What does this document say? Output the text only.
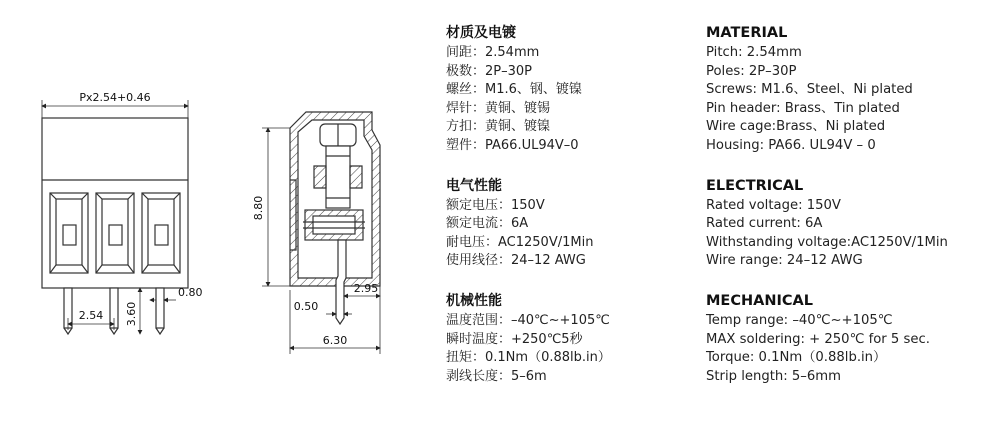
Px2.54+0.46
2.54 3.60
0.80
8.80
2.95
0.50
6.30
材质及电镀
间距：2.54mm
极数：2P–30P
螺丝：M1.6、钢、镀镍
焊针：黄铜、镀锡
方扣：黄铜、镀镍
塑件：PA66.UL94V–0
电气性能
额定电压：150V
额定电流：6A
耐电压：AC1250V/1Min
使用线径：24–12 AWG
机械性能
温度范围：–40℃~+105℃
瞬时温度：+250℃5秒
扭矩：0.1Nm（0.88lb.in）
剥线长度：5–6m
MATERIAL
Pitch: 2.54mm
Poles: 2P–30P
Screws: M1.6、Steel、Ni plated
Pin header: Brass、Tin plated
Wire cage:Brass、Ni plated
Housing: PA66. UL94V – 0
ELECTRICAL
Rated voltage: 150V
Rated current: 6A
Withstanding voltage:AC1250V/1Min
Wire range: 24–12 AWG
MECHANICAL
Temp range: –40℃~+105℃
MAX soldering: + 250℃ for 5 sec.
Torque: 0.1Nm（0.88lb.in）
Strip length: 5–6mm
